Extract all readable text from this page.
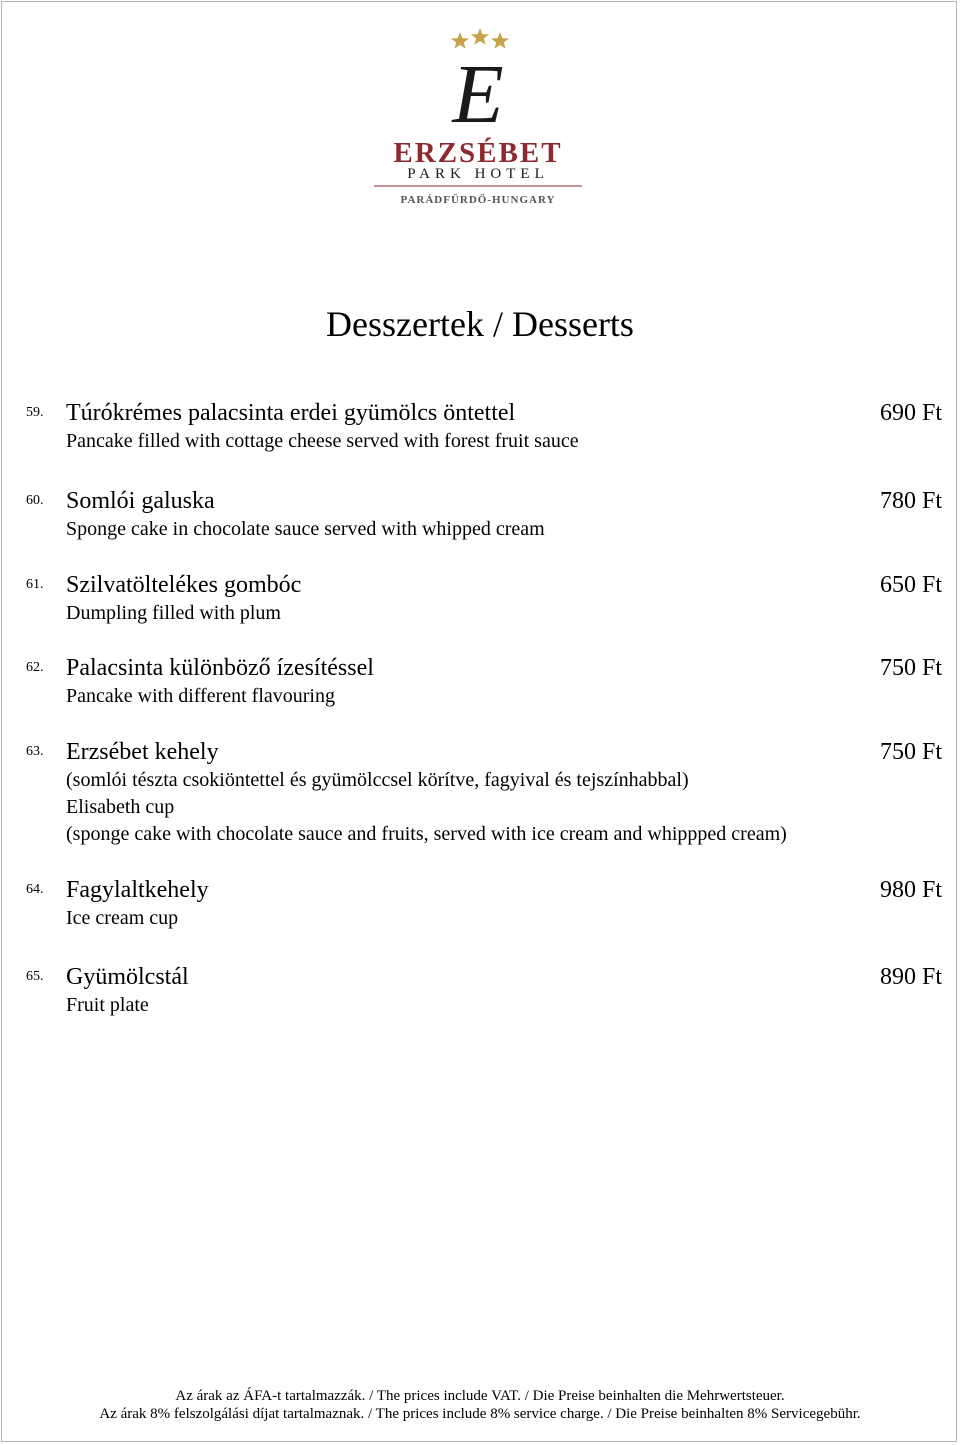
E
ERZSÉBET
PARK HOTEL
PARÁDFÜRDŐ-HUNGARY
Desszertek / Desserts
59. Túrókrémes palacsinta erdei gyümölcs öntettel	690 Ft
Pancake filled with cottage cheese served with forest fruit sauce
60. Somlói galuska	780 Ft
Sponge cake in chocolate sauce served with whipped cream
61. Szilvatöltelékes gombóc	650 Ft
Dumpling filled with plum
62. Palacsinta különböző ízesítéssel	750 Ft
Pancake with different flavouring
63. Erzsébet kehely	750 Ft
(somlói tészta csokiöntettel és gyümölccsel körítve, fagyival és tejszínhabbal)
Elisabeth cup
(sponge cake with chocolate sauce and fruits, served with ice cream and whippped cream)
64. Fagylaltkehely	980 Ft
Ice cream cup
65. Gyümölcstál	890 Ft
Fruit plate
Az árak az ÁFA-t tartalmazzák. / The prices include VAT. / Die Preise beinhalten die Mehrwertsteuer.
Az árak 8% felszolgálási díjat tartalmaznak. / The prices include 8% service charge. / Die Preise beinhalten 8% Servicegebühr.
